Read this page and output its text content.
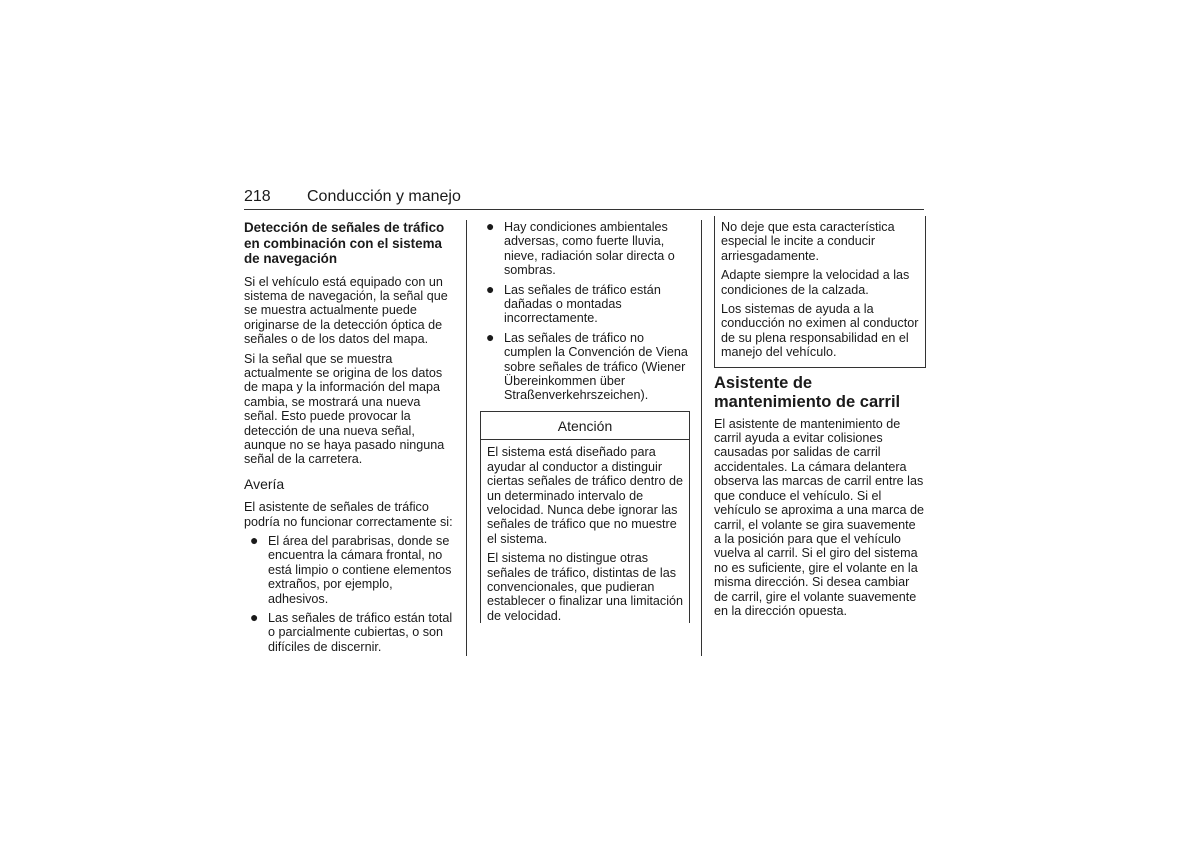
218 Conducción y manejo
Detección de señales de tráfico en combinación con el sistema de navegación

Si el vehículo está equipado con un sistema de navegación, la señal que se muestra actualmente puede originarse de la detección óptica de señales o de los datos del mapa.

Si la señal que se muestra actualmente se origina de los datos de mapa y la información del mapa cambia, se mostrará una nueva señal. Esto puede provocar la detección de una nueva señal, aunque no se haya pasado ninguna señal de la carretera.

Avería

El asistente de señales de tráfico podría no funcionar correctamente si:

● El área del parabrisas, donde se encuentra la cámara frontal, no está limpio o contiene elementos extraños, por ejemplo, adhesivos.
● Las señales de tráfico están total o parcialmente cubiertas, o son difíciles de discernir.
● Hay condiciones ambientales adversas, como fuerte lluvia, nieve, radiación solar directa o sombras.
● Las señales de tráfico están dañadas o montadas incorrectamente.
● Las señales de tráfico no cumplen la Convención de Viena sobre señales de tráfico (Wiener Übereinkommen über Straßenverkehrszeichen).
Atención

El sistema está diseñado para ayudar al conductor a distinguir ciertas señales de tráfico dentro de un determinado intervalo de velocidad. Nunca debe ignorar las señales de tráfico que no muestre el sistema.

El sistema no distingue otras señales de tráfico, distintas de las convencionales, que pudieran establecer o finalizar una limitación de velocidad.

No deje que esta característica especial le incite a conducir arriesgadamente.

Adapte siempre la velocidad a las condiciones de la calzada.

Los sistemas de ayuda a la conducción no eximen al conductor de su plena responsabilidad en el manejo del vehículo.

Asistente de mantenimiento de carril

El asistente de mantenimiento de carril ayuda a evitar colisiones causadas por salidas de carril accidentales. La cámara delantera observa las marcas de carril entre las que conduce el vehículo. Si el vehículo se aproxima a una marca de carril, el volante se gira suavemente a la posición para que el vehículo vuelva al carril. Si el giro del sistema no es suficiente, gire el volante en la misma dirección. Si desea cambiar de carril, gire el volante suavemente en la dirección opuesta.
